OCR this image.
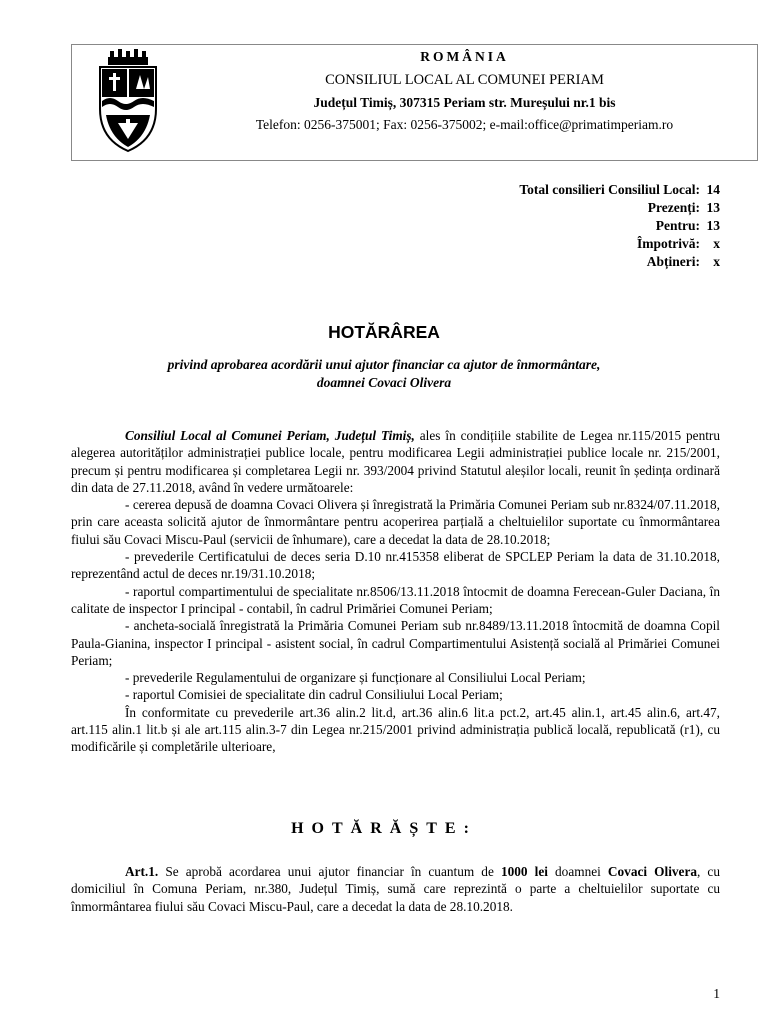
ROMÂNIA
CONSILIUL LOCAL AL COMUNEI PERIAM
Județul Timiș, 307315 Periam str. Mureșului nr.1 bis
Telefon: 0256-375001; Fax: 0256-375002; e-mail:office@primatimperiam.ro
Total consilieri Consiliul Local: 14
Prezenți: 13
Pentru: 13
Împotrivă: x
Abțineri: x
HOTĂRÂREA
privind aprobarea acordării unui ajutor financiar ca ajutor de înmormântare,
doamnei Covaci Olivera

Consiliul Local al Comunei Periam, Județul Timiș, ales în condițiile stabilite de Legea nr.115/2015 pentru alegerea autorităților administrației publice locale, pentru modificarea Legii administrației publice locale nr. 215/2001, precum și pentru modificarea și completarea Legii nr. 393/2004 privind Statutul aleșilor locali, reunit în ședința ordinară din data de 27.11.2018, având în vedere următoarele:

- cererea depusă de doamna Covaci Olivera și înregistrată la Primăria Comunei Periam sub nr.8324/07.11.2018, prin care aceasta solicită ajutor de înmormântare pentru acoperirea parțială a cheltuielilor suportate cu înmormântarea fiului său Covaci Miscu-Paul (servicii de înhumare), care a decedat la data de 28.10.2018;

- prevederile Certificatului de deces seria D.10 nr.415358 eliberat de SPCLEP Periam la data de 31.10.2018, reprezentând actul de deces nr.19/31.10.2018;

- raportul compartimentului de specialitate nr.8506/13.11.2018 întocmit de doamna Ferecean-Guler Daciana, în calitate de inspector I principal - contabil, în cadrul Primăriei Comunei Periam;

- ancheta-socială înregistrată la Primăria Comunei Periam sub nr.8489/13.11.2018 întocmită de doamna Copil Paula-Gianina, inspector I principal - asistent social, în cadrul Compartimentului Asistență socială al Primăriei Comunei Periam;

- prevederile Regulamentului de organizare și funcționare al Consiliului Local Periam;

- raportul Comisiei de specialitate din cadrul Consiliului Local Periam;

În conformitate cu prevederile art.36 alin.2 lit.d, art.36 alin.6 lit.a pct.2, art.45 alin.1, art.45 alin.6, art.47, art.115 alin.1 lit.b și ale art.115 alin.3-7 din Legea nr.215/2001 privind administrația publică locală, republicată (r1), cu modificările și completările ulterioare,

HOTĂRĂȘTE:

Art.1. Se aprobă acordarea unui ajutor financiar în cuantum de 1000 lei doamnei Covaci Olivera, cu domiciliul în Comuna Periam, nr.380, Județul Timiș, sumă care reprezintă o parte a cheltuielilor suportate cu înmormântarea fiului său Covaci Miscu-Paul, care a decedat la data de 28.10.2018.

1
